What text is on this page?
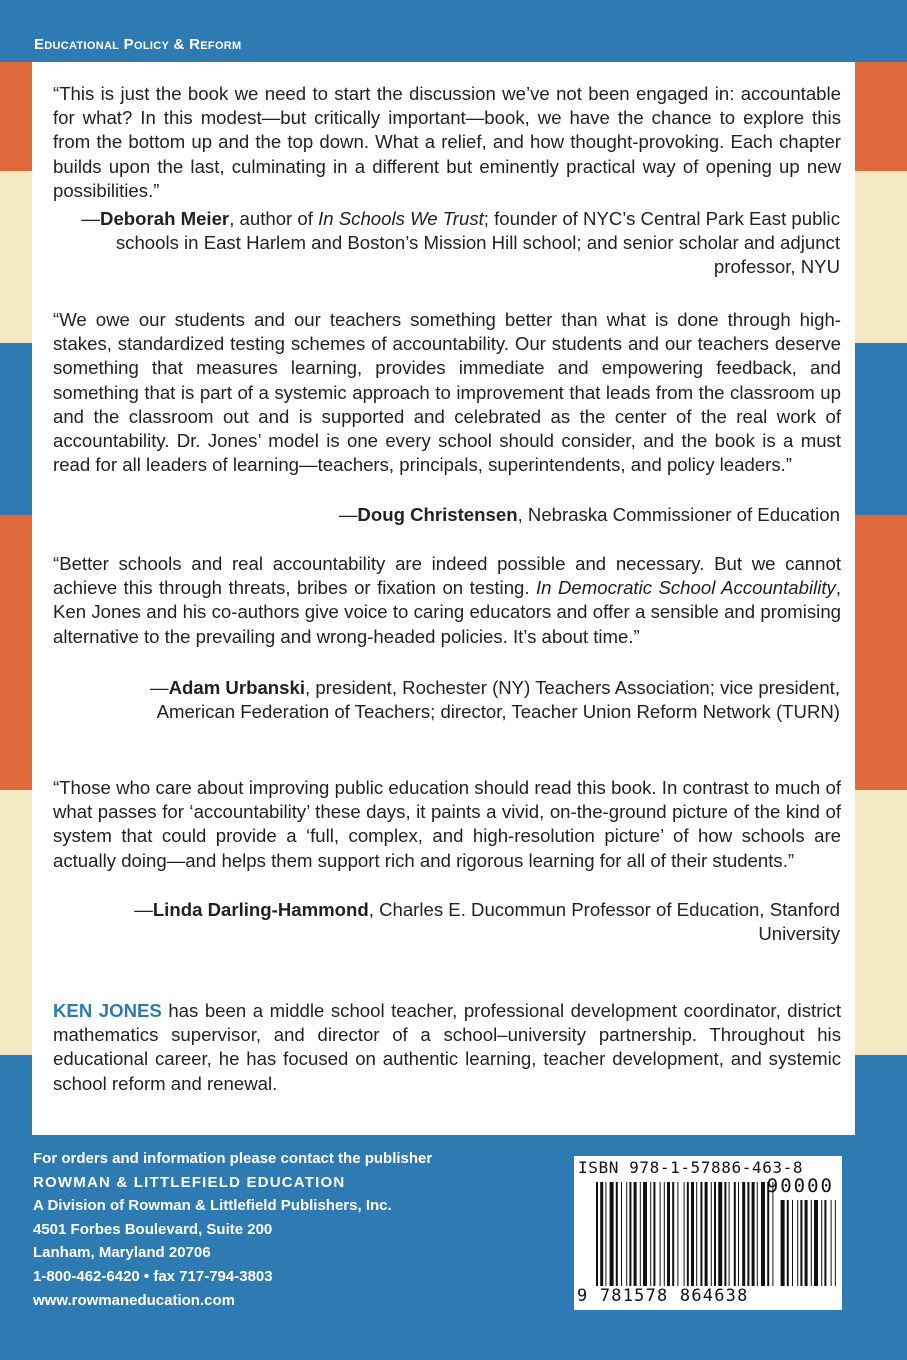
Educational Policy & Reform

“This is just the book we need to start the discussion we’ve not been engaged in: accountable for what? In this modest—but critically important—book, we have the chance to explore this from the bottom up and the top down. What a relief, and how thought-provoking. Each chapter builds upon the last, culminating in a different but eminently practical way of opening up new possibilities.”

—Deborah Meier, author of In Schools We Trust; founder of NYC’s Central Park East public schools in East Harlem and Boston’s Mission Hill school; and senior scholar and adjunct professor, NYU

“We owe our students and our teachers something better than what is done through high-stakes, standardized testing schemes of accountability. Our students and our teachers deserve something that measures learning, provides immediate and empowering feedback, and something that is part of a systemic approach to improvement that leads from the classroom up and the classroom out and is supported and celebrated as the center of the real work of accountability. Dr. Jones’ model is one every school should consider, and the book is a must read for all leaders of learning—teachers, principals, superintendents, and policy leaders.”

—Doug Christensen, Nebraska Commissioner of Education

“Better schools and real accountability are indeed possible and necessary. But we cannot achieve this through threats, bribes or fixation on testing. In Democratic School Accountability, Ken Jones and his co-authors give voice to caring educators and offer a sensible and promising alternative to the prevailing and wrong-headed policies. It’s about time.”

—Adam Urbanski, president, Rochester (NY) Teachers Association; vice president, American Federation of Teachers; director, Teacher Union Reform Network (TURN)

“Those who care about improving public education should read this book. In contrast to much of what passes for ‘accountability’ these days, it paints a vivid, on-the-ground picture of the kind of system that could provide a ‘full, complex, and high-resolution picture’ of how schools are actually doing—and helps them support rich and rigorous learning for all of their students.”

—Linda Darling-Hammond, Charles E. Ducommun Professor of Education, Stanford University

KEN JONES has been a middle school teacher, professional development coordinator, district mathematics supervisor, and director of a school–university partnership. Throughout his educational career, he has focused on authentic learning, teacher development, and systemic school reform and renewal.

For orders and information please contact the publisher
ROWMAN & LITTLEFIELD EDUCATION
A Division of Rowman & Littlefield Publishers, Inc.
4501 Forbes Boulevard, Suite 200
Lanham, Maryland 20706
1-800-462-6420 • fax 717-794-3803
www.rowmaneducation.com
ISBN 978-1-57886-463-8
90000
9 781578 864638
